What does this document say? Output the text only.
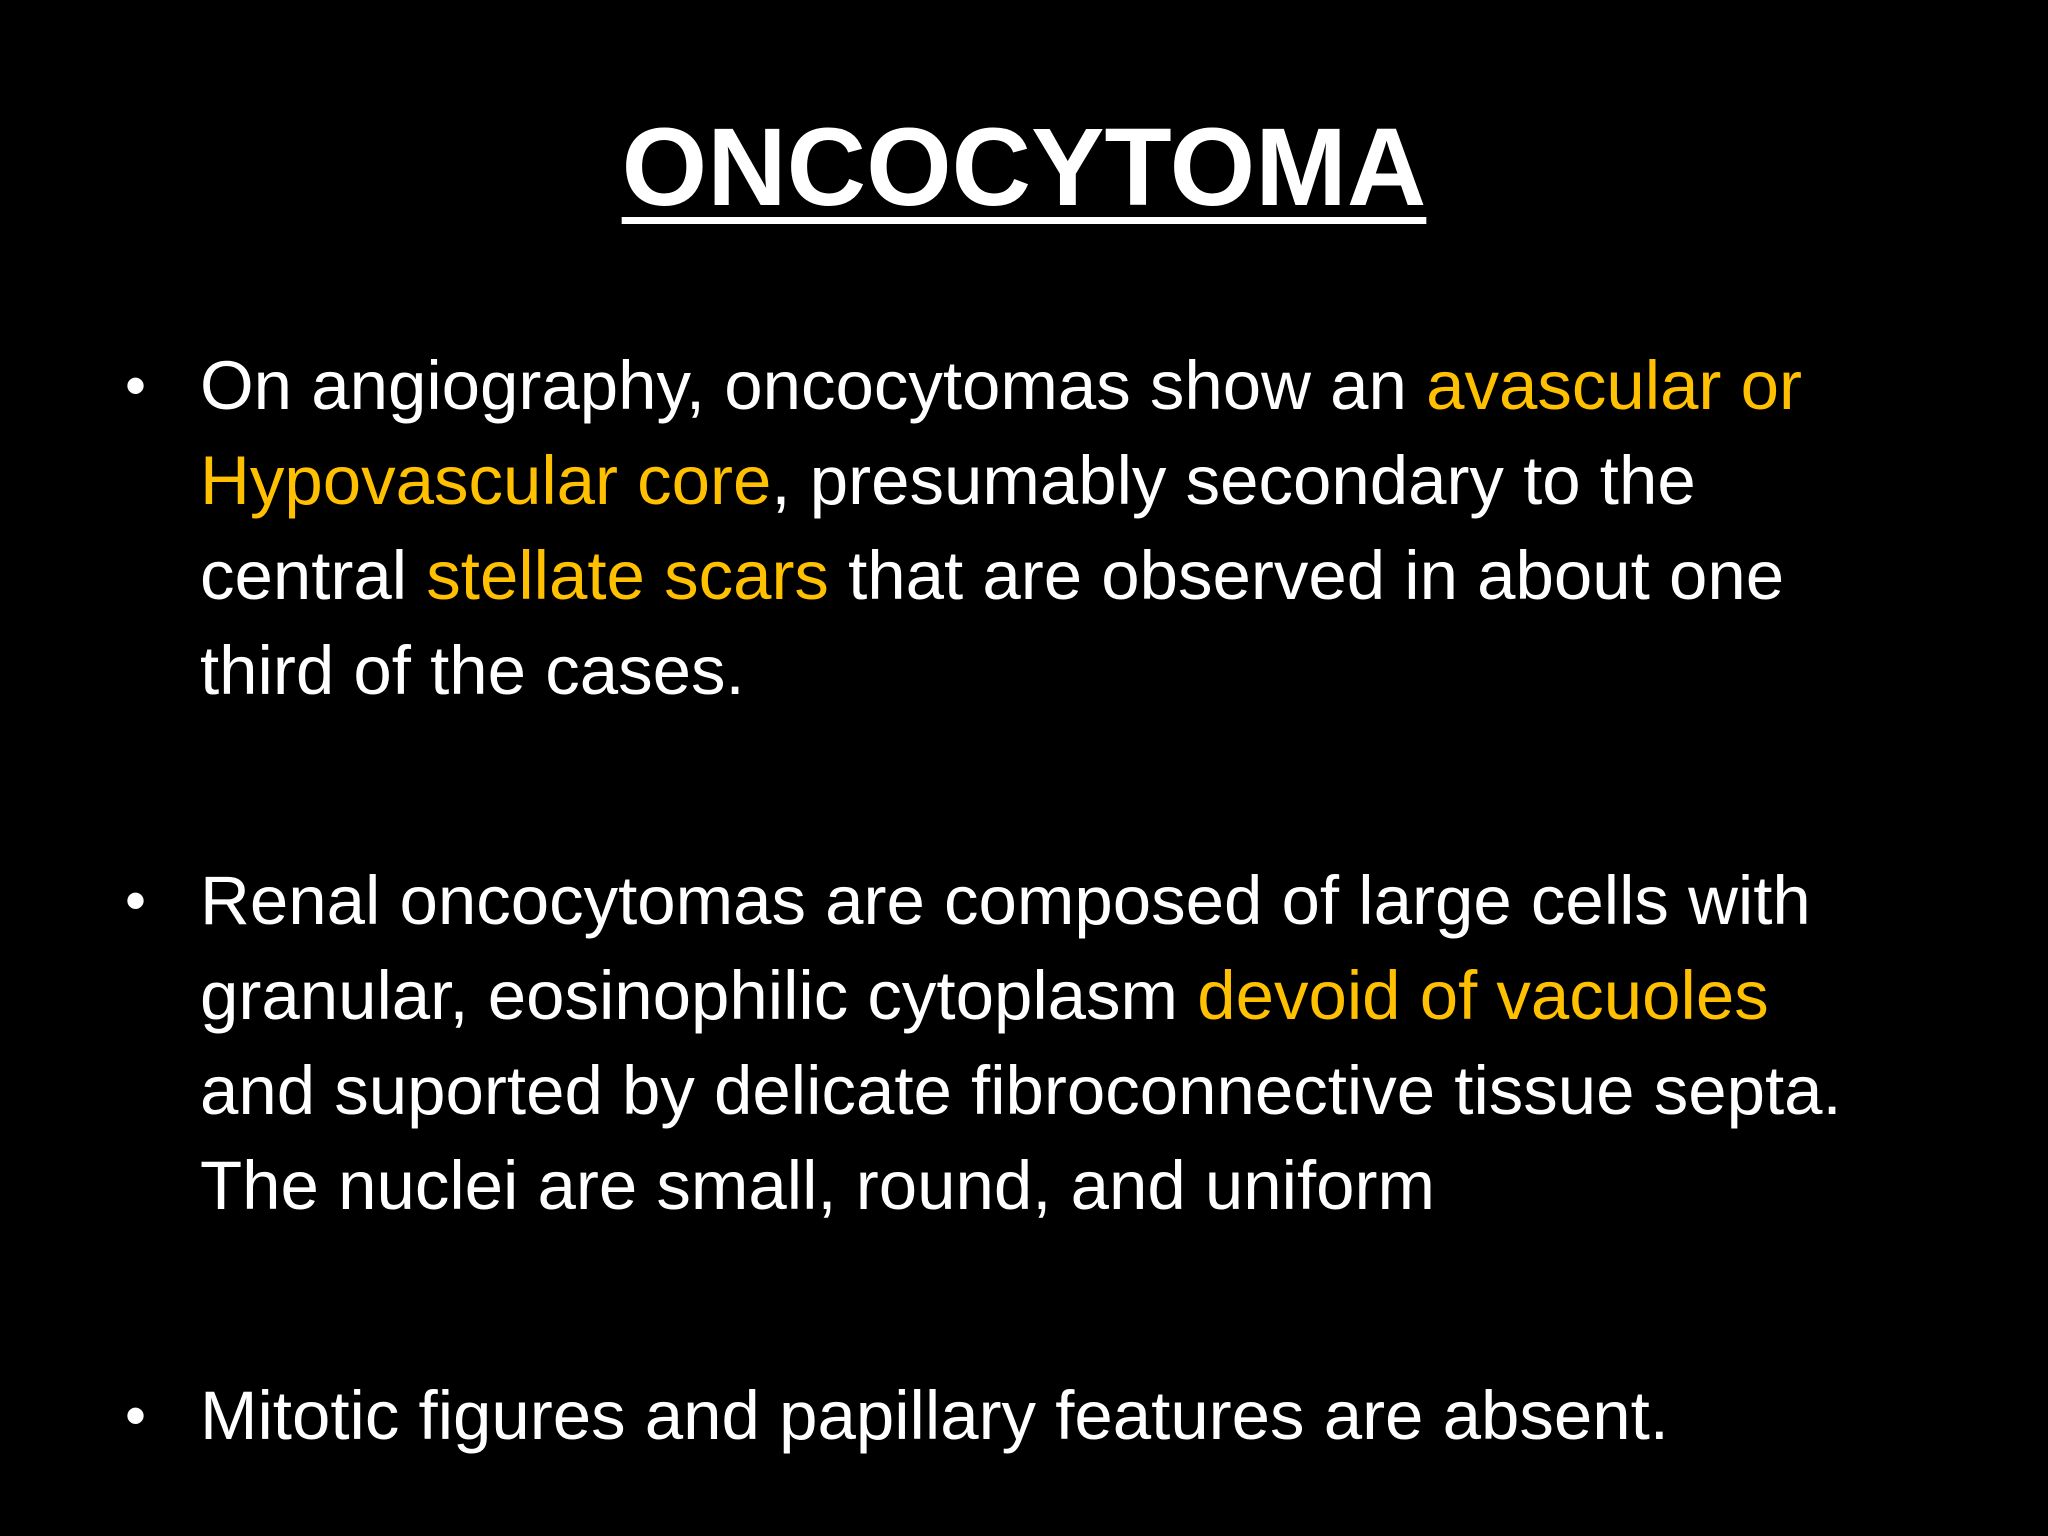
ONCOCYTOMA

• On angiography, oncocytomas show an avascular or Hypovascular core, presumably secondary to the central stellate scars that are observed in about one third of the cases.

• Renal oncocytomas are composed of large cells with granular, eosinophilic cytoplasm devoid of vacuoles and suported by delicate fibroconnective tissue septa. The nuclei are small, round, and uniform

• Mitotic figures and papillary features are absent.
